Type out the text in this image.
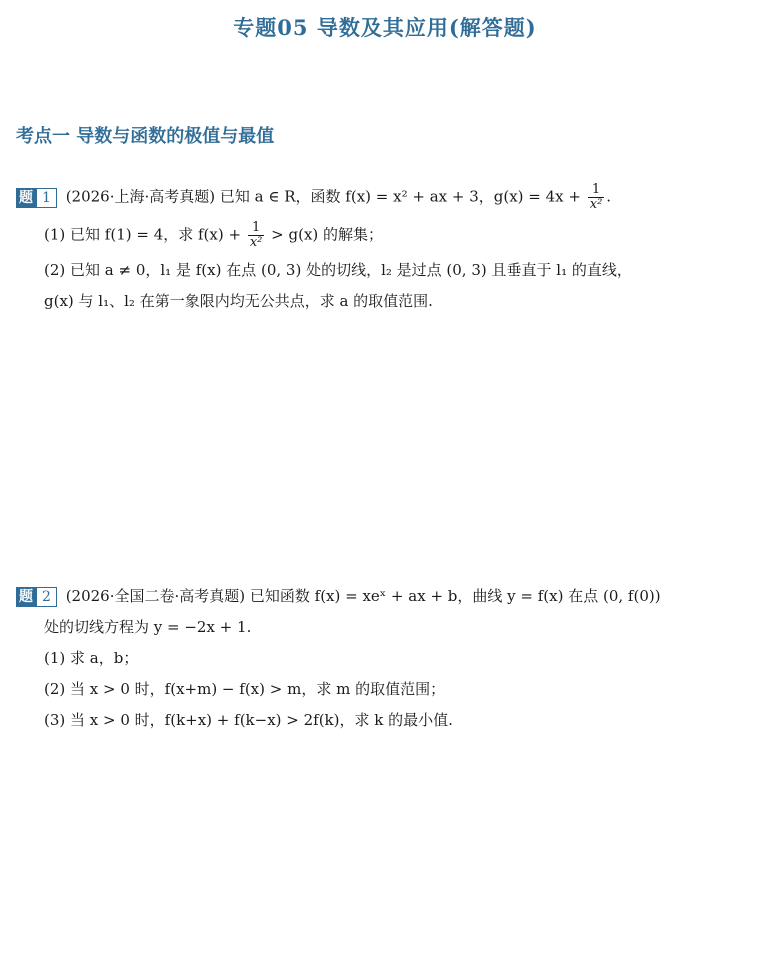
专题05 导数及其应用(解答题)
考点一 导数与函数的极值与最值
题 1 (2026·上海·高考真题) 已知 a ∈ R，函数 f(x) = x² + ax + 3，$g(x) = 4x + \frac{1}{\text{x²}}$ .
(1) 已知 f(1) = 4，求 $f(x) + \frac{1}{\text{x²}} > g(x)$ 的解集；
(2) 已知 a ≠ 0，l₁ 是 f(x) 在点 (0, 3) 处的切线，l₂ 是过点 (0, 3) 且垂直于 l₁ 的直线，
g(x) 与 l₁、l₂ 在第一象限内均无公共点，求 a 的取值范围.
题 2 (2026·全国二卷·高考真题) 已知函数 f(x) = xeˣ + ax + b，曲线 y = f(x) 在点 (0, f(0))
处的切线方程为 y = −2x + 1.
(1) 求 a，b；
(2) 当 x > 0 时，f(x+m) − f(x) > m，求 m 的取值范围；
(3) 当 x > 0 时，f(k+x) + f(k−x) > 2f(k)，求 k 的最小值.
